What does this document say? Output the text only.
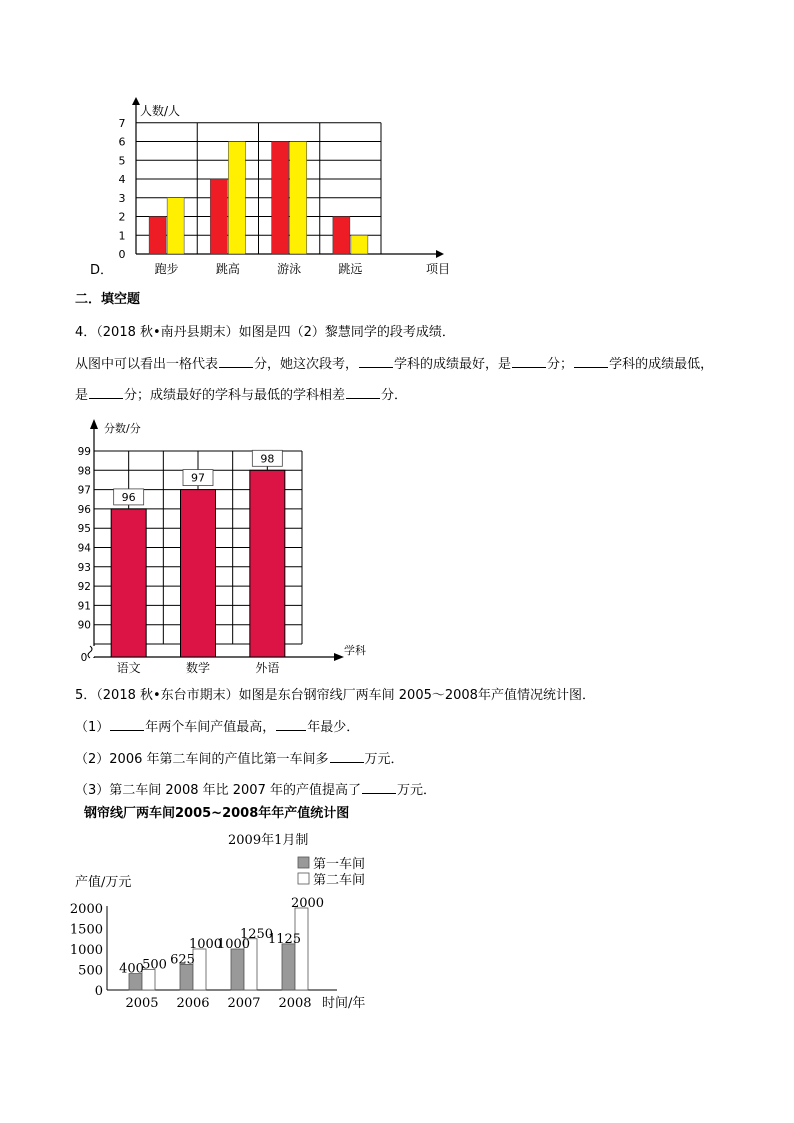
D．
0
1
2
3
4
5
6
7
人数/人
跑步	跳高	游泳	跳远	项目
二．填空题
4．（2018 秋•南丹县期末）如图是四（2）黎慧同学的段考成绩．
从图中可以看出一格代表	分，她这次段考，	学科的成绩最好，是	分；	学科的成绩最低，
是	分；成绩最好的学科与最低的学科相差	分．
分数/分
90
91
92
93
94
95
96
97
98
99
0
学科
96
语文
97
数学
98
外语
5．（2018 秋•东台市期末）如图是东台钢帘线厂两车间 2005～2008年产值情况统计图．
（1）	年两个车间产值最高， 年最少．
（2）2006 年第二车间的产值比第一车间多	万元．
（3）第二车间 2008 年比 2007 年的产值提高了	万元．
钢帘线厂两车间2005~2008年年产值统计图
2009年1月制
产值/万元
0
500
1000
1500
2000
时间/年
第一车间
第二车间
400
500
2005
625
1000
2006
1000
1250
2007
1125
2000
2008
